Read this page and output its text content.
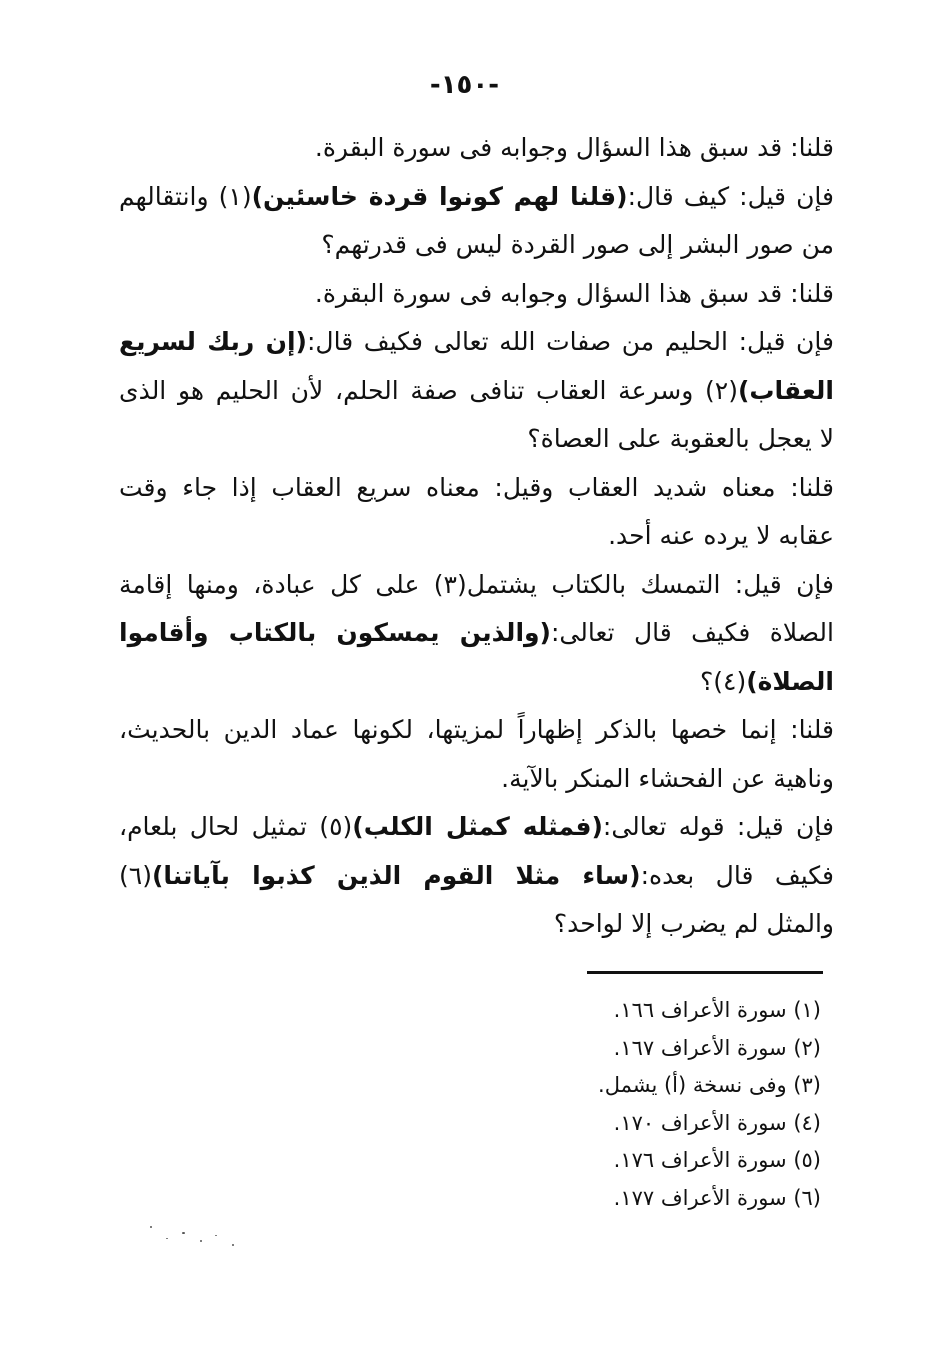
-١٥٠-
قلنا: قد سبق هذا السؤال وجوابه فى سورة البقرة.
فإن قيل: كيف قال:(قلنا لهم كونوا قردة خاسئين)(١) وانتقالهم
من صور البشر إلى صور القردة ليس فى قدرتهم؟
قلنا: قد سبق هذا السؤال وجوابه فى سورة البقرة.
فإن قيل: الحليم من صفات الله تعالى فكيف قال:(إن ربك لسريع
العقاب)(٢) وسرعة العقاب تنافى صفة الحلم، لأن الحليم هو الذى
لا يعجل بالعقوبة على العصاة؟
قلنا: معناه شديد العقاب وقيل: معناه سريع العقاب إذا جاء وقت
عقابه لا يرده عنه أحد.
فإن قيل: التمسك بالكتاب يشتمل(٣) على كل عبادة، ومنها إقامة
الصلاة فكيف قال تعالى:(والذين يمسكون بالكتاب وأقاموا
الصلاة)(٤)؟
قلنا: إنما خصها بالذكر إظهاراً لمزيتها، لكونها عماد الدين بالحديث،
وناهية عن الفحشاء المنكر بالآية.
فإن قيل: قوله تعالى:(فمثله كمثل الكلب)(٥) تمثيل لحال بلعام،
فكيف قال بعده:(ساء مثلا القوم الذين كذبوا بآياتنا)(٦)
والمثل لم يضرب إلا لواحد؟
(١) سورة الأعراف ١٦٦.
(٢) سورة الأعراف ١٦٧.
(٣) وفى نسخة (أ) يشمل.
(٤) سورة الأعراف ١٧٠.
(٥) سورة الأعراف ١٧٦.
(٦) سورة الأعراف ١٧٧.
